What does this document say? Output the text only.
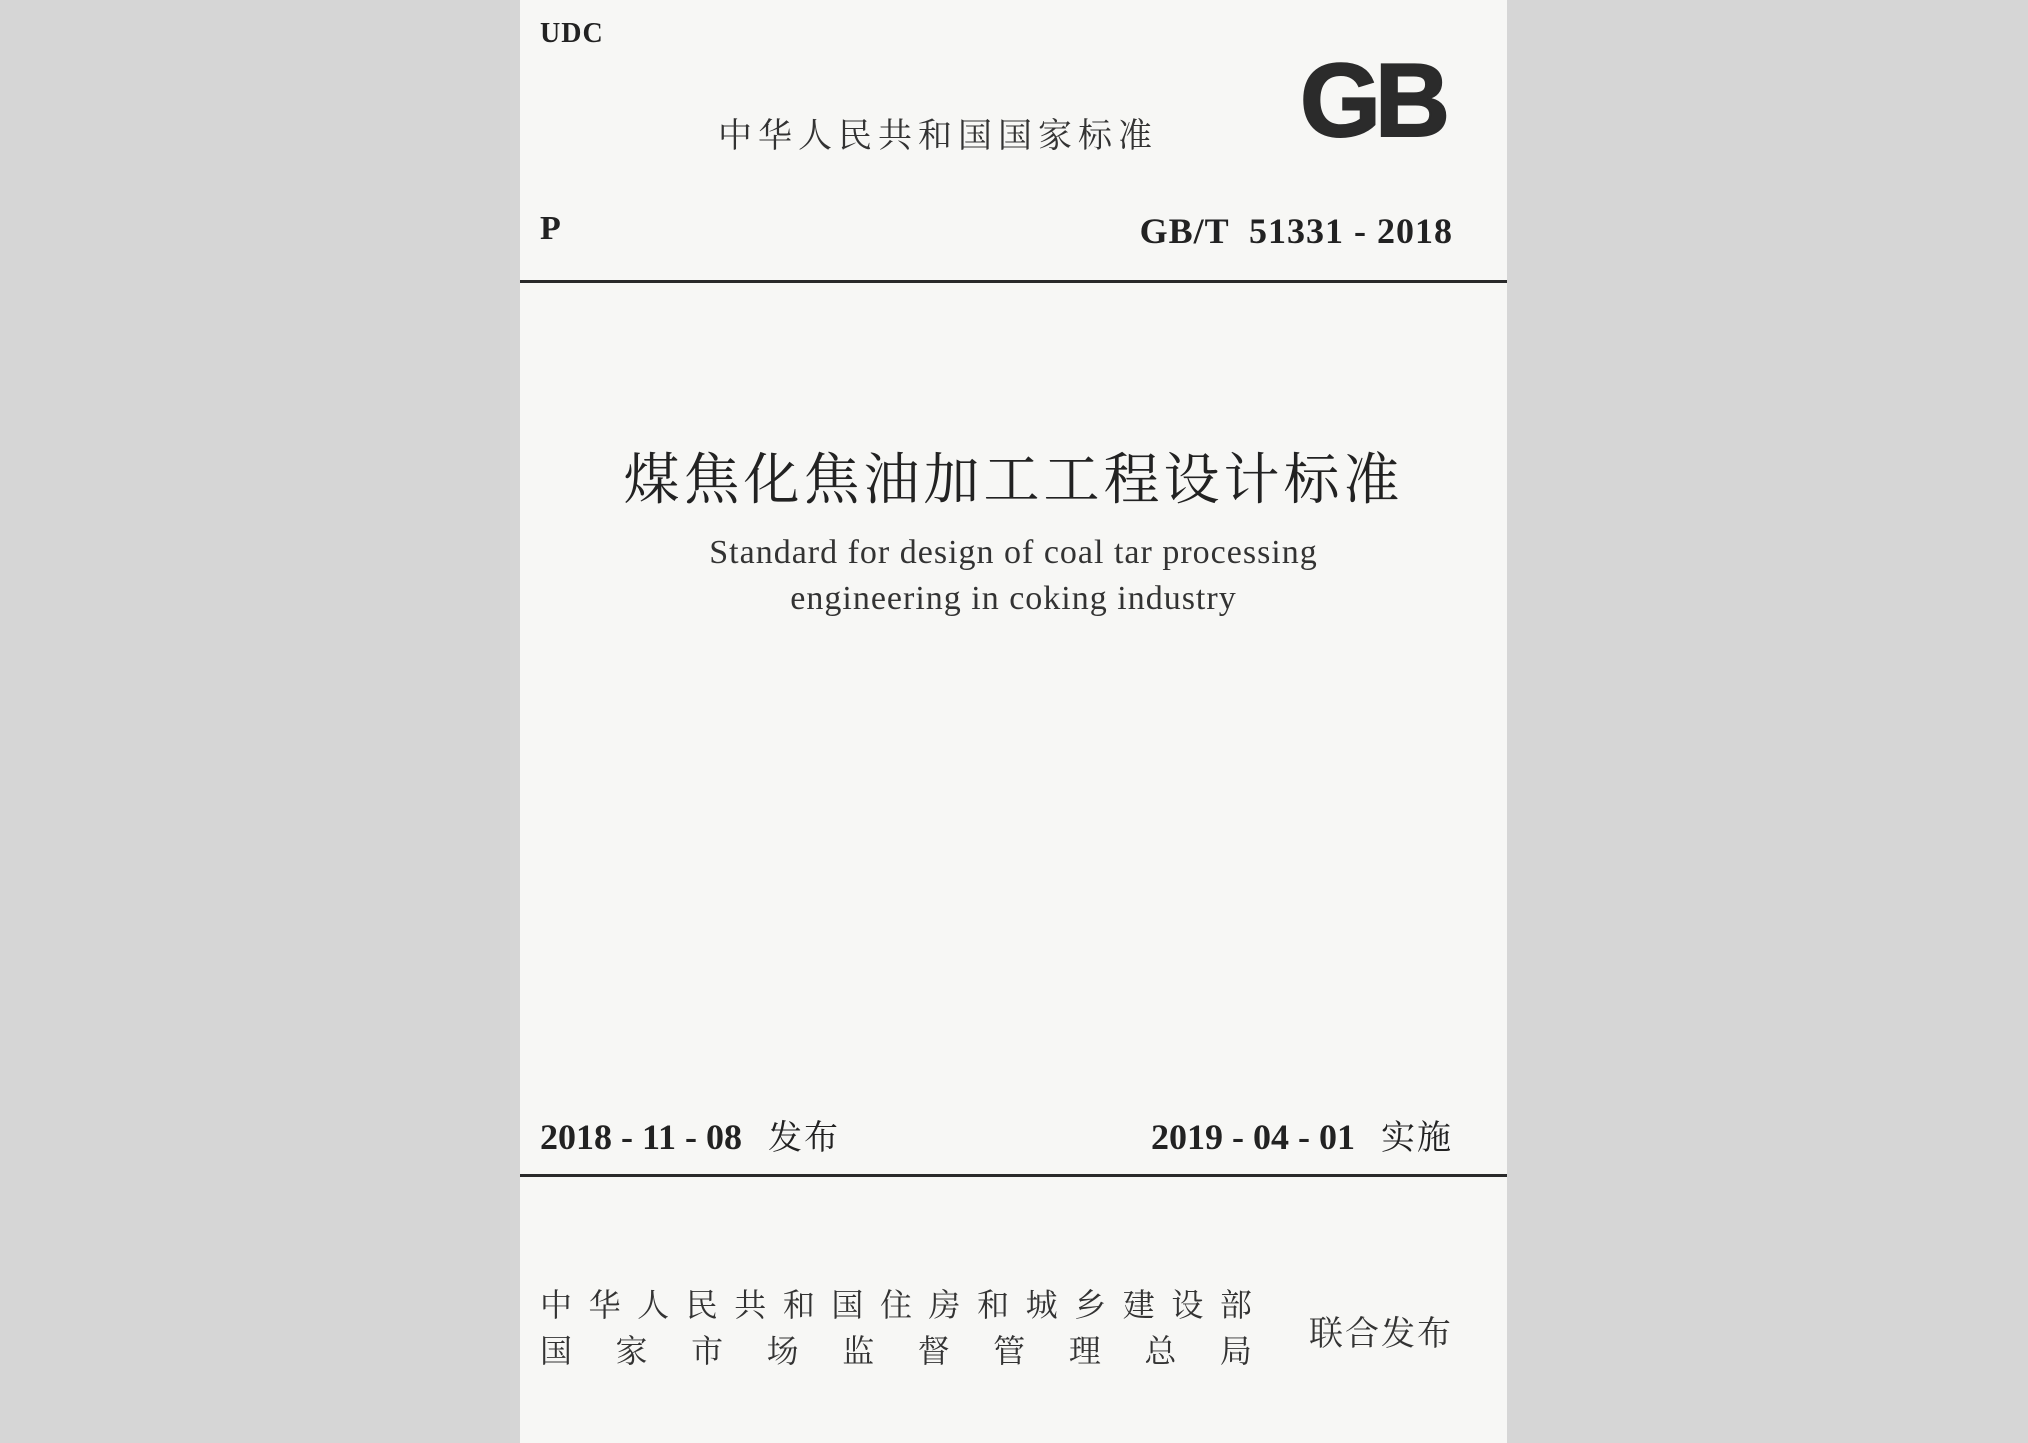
UDC
中华人民共和国国家标准 GB
P	GB/T  51331 - 2018
煤焦化焦油加工工程设计标准
Standard for design of coal tar processing
engineering in coking industry
2018 - 11 - 08 发布	2019 - 04 - 01 实施
中 华 人 民 共 和 国 住 房 和 城 乡 建 设 部
国 家 市 场 监 督 管 理 总 局 联合发布
